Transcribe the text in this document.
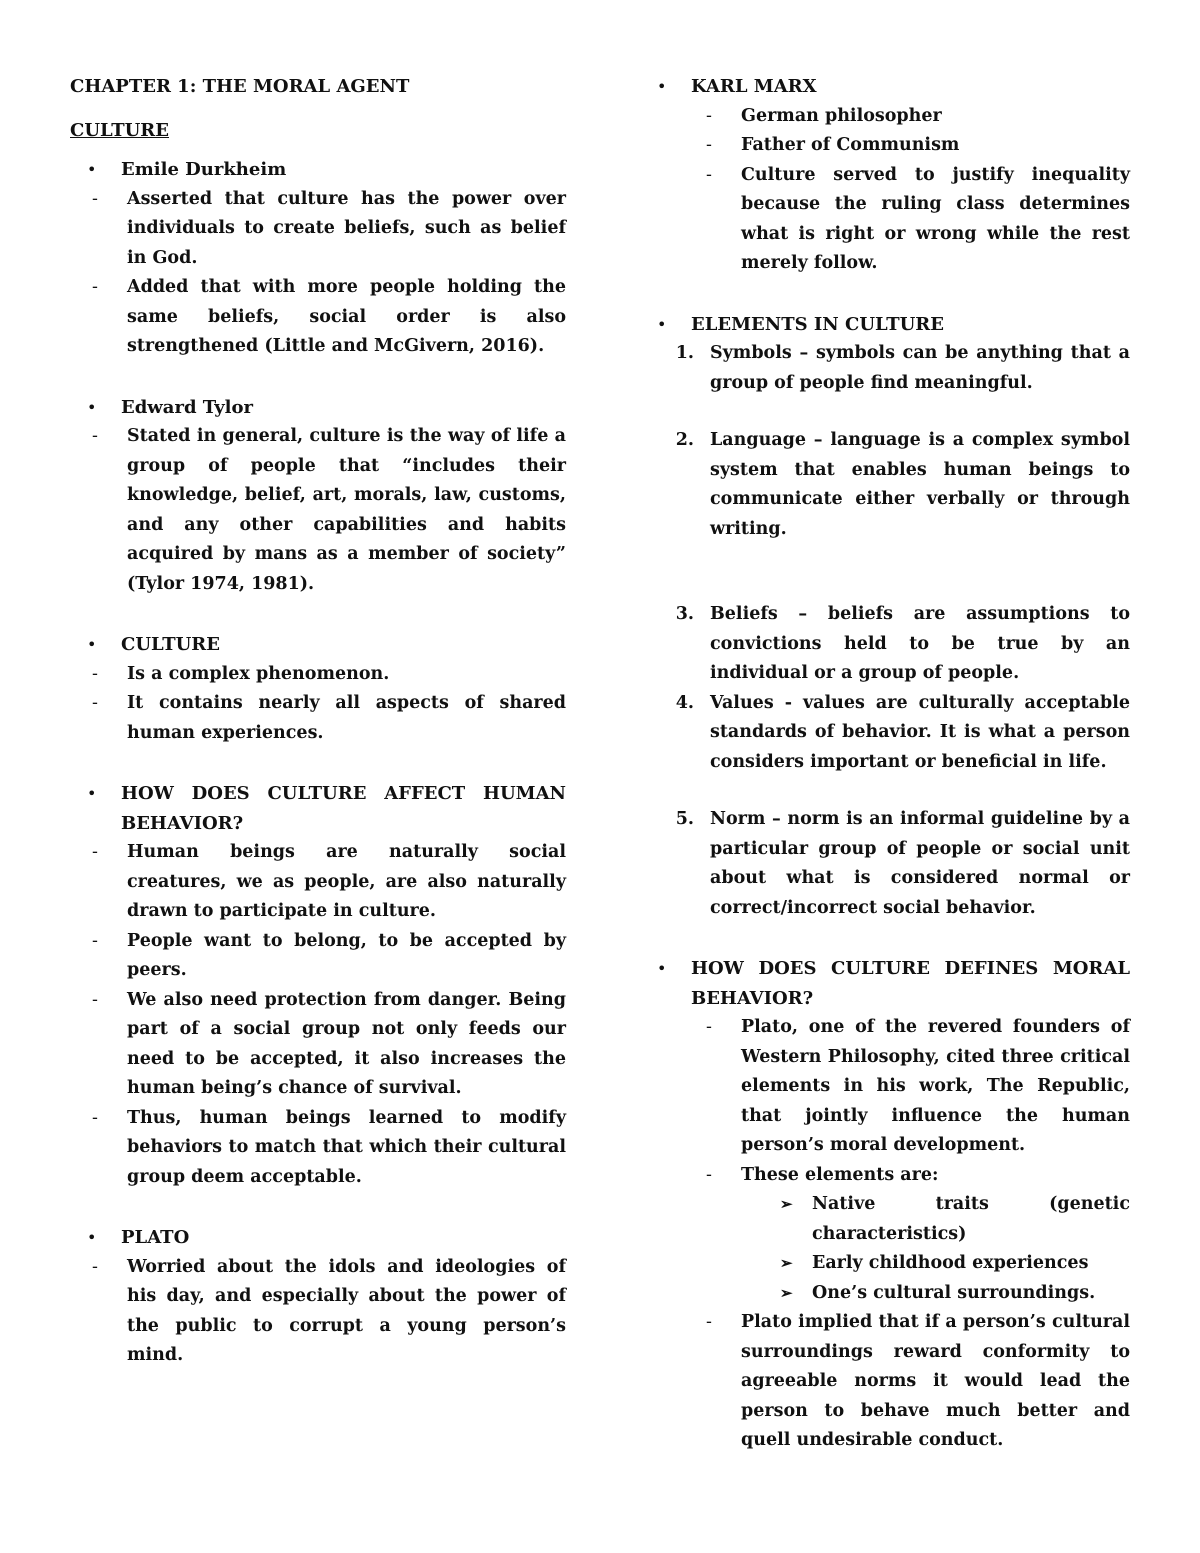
CHAPTER 1: THE MORAL AGENT

CULTURE

• Emile Durkheim
- Asserted that culture has the power over individuals to create beliefs, such as belief in God.
- Added that with more people holding the same beliefs, social order is also strengthened (Little and McGivern, 2016).
• Edward Tylor
- Stated in general, culture is the way of life a group of people that “includes their knowledge, belief, art, morals, law, customs, and any other capabilities and habits acquired by mans as a member of society” (Tylor 1974, 1981).
• CULTURE
- Is a complex phenomenon.
- It contains nearly all aspects of shared human experiences.
• HOW DOES CULTURE AFFECT HUMAN BEHAVIOR?
- Human beings are naturally social creatures, we as people, are also naturally drawn to participate in culture.
- People want to belong, to be accepted by peers.
- We also need protection from danger. Being part of a social group not only feeds our need to be accepted, it also increases the human being’s chance of survival.
- Thus, human beings learned to modify behaviors to match that which their cultural group deem acceptable.
• PLATO
- Worried about the idols and ideologies of his day, and especially about the power of the public to corrupt a young person’s mind.
• KARL MARX
- German philosopher
- Father of Communism
- Culture served to justify inequality because the ruling class determines what is right or wrong while the rest merely follow.
• ELEMENTS IN CULTURE
1. Symbols – symbols can be anything that a group of people find meaningful.
2. Language – language is a complex symbol system that enables human beings to communicate either verbally or through writing.
3. Beliefs – beliefs are assumptions to convictions held to be true by an individual or a group of people.
4. Values - values are culturally acceptable standards of behavior. It is what a person considers important or beneficial in life.
5. Norm – norm is an informal guideline by a particular group of people or social unit about what is considered normal or correct/incorrect social behavior.
• HOW DOES CULTURE DEFINES MORAL BEHAVIOR?
- Plato, one of the revered founders of Western Philosophy, cited three critical elements in his work, The Republic, that jointly influence the human person’s moral development.
- These elements are:
➢ Native traits (genetic characteristics)
➢ Early childhood experiences
➢ One’s cultural surroundings.
- Plato implied that if a person’s cultural surroundings reward conformity to agreeable norms it would lead the person to behave much better and quell undesirable conduct.
